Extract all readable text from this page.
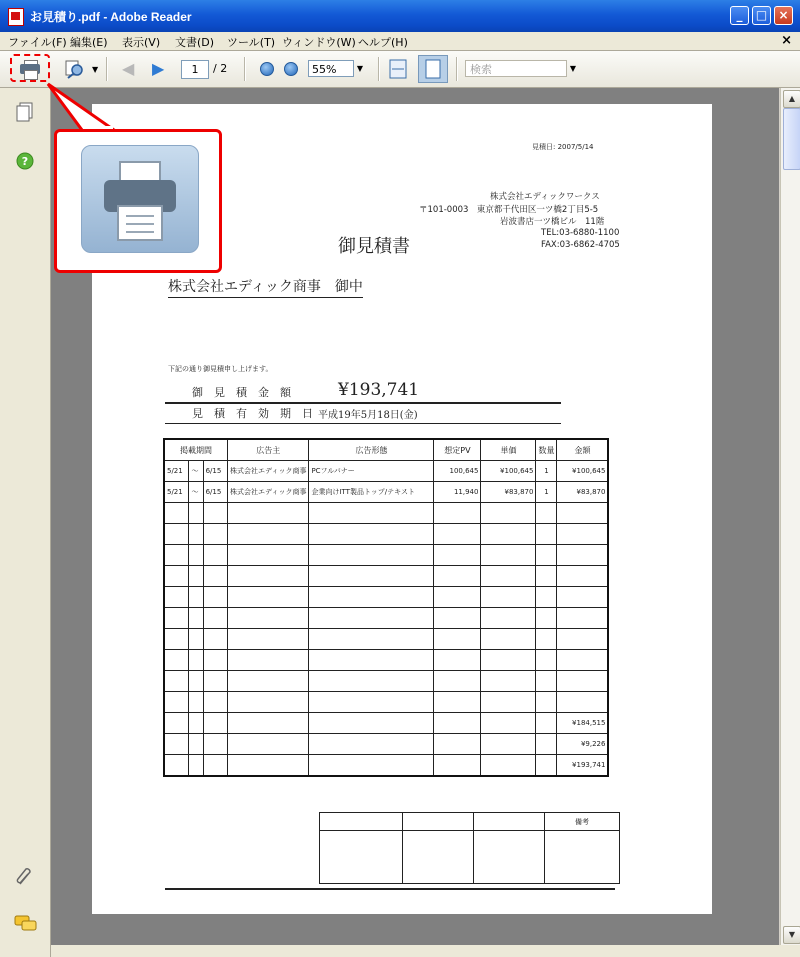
お見積り.pdf - Adobe Reader	_	□ ×
ファイル(F) 編集(E) 表示(V) 文書(D) ツール(T) ウィンドウ(W) ヘルプ(H)	×
▼ ◀ ▶	1	/ 2	55%	▼	検索	▼
?
見積日: 2007/5/14
株式会社エディックワークス
〒101-0003　東京都千代田区一ツ橋2丁目5-5
岩波書店一ツ橋ビル　11階
TEL:03-6880-1100
FAX:03-6862-4705
御見積書
株式会社エディック商事　御中
下記の通り御見積申し上げます。
御　見　積　金　額	¥193,741
見　積　有　効　期　日 平成19年5月18日(金)
掲載期間			広告主	広告形態	想定PV	単価	数量	金額
5/21	〜	6/15	株式会社エディック商事	PCフルバナー	100,645	¥100,645	1	¥100,645
5/21	〜	6/15	株式会社エディック商事	企業向けITT製品トップ/テキスト	11,940	¥83,870	1	¥83,870

								¥184,515
								¥9,226
								¥193,741
			備考

▲
▼
